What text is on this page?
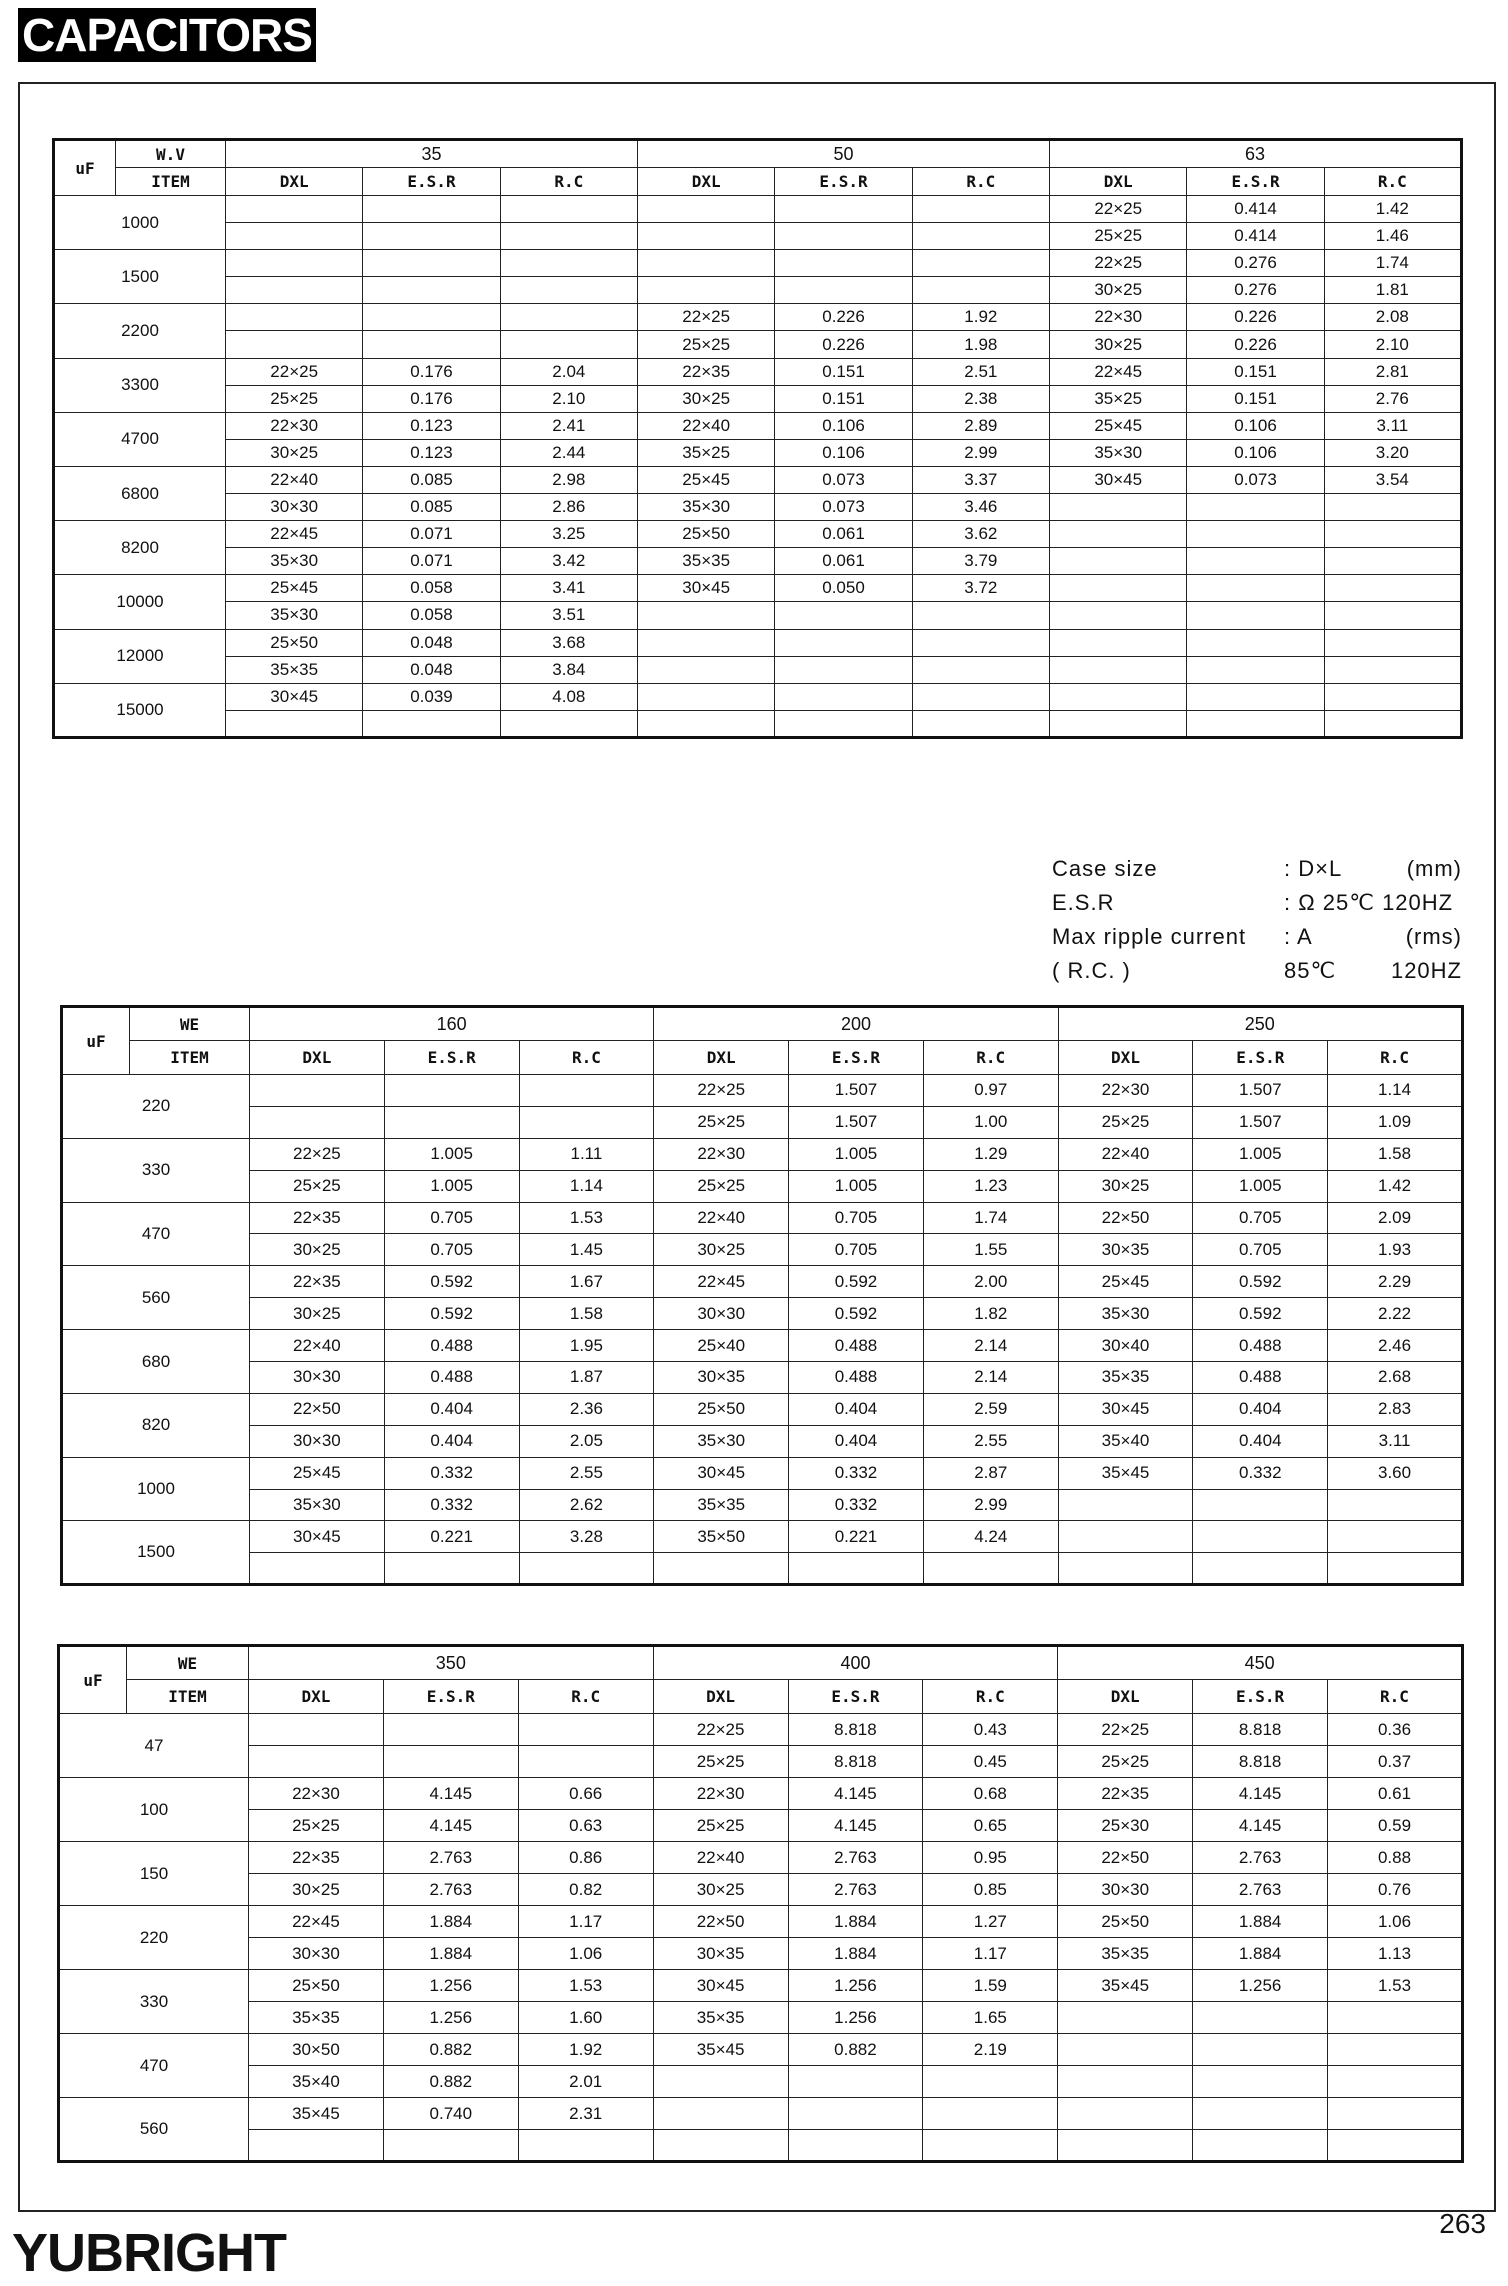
CAPACITORS
uF	W.V	35			50			63		
	ITEM	DXL	E.S.R	R.C	DXL	E.S.R	R.C	DXL	E.S.R	R.C
1000								22×25	0.414	1.42
								25×25	0.414	1.46
1500								22×25	0.276	1.74
								30×25	0.276	1.81
2200					22×25	0.226	1.92	22×30	0.226	2.08
					25×25	0.226	1.98	30×25	0.226	2.10
3300		22×25	0.176	2.04	22×35	0.151	2.51	22×45	0.151	2.81
		25×25	0.176	2.10	30×25	0.151	2.38	35×25	0.151	2.76
4700		22×30	0.123	2.41	22×40	0.106	2.89	25×45	0.106	3.11
		30×25	0.123	2.44	35×25	0.106	2.99	35×30	0.106	3.20
6800		22×40	0.085	2.98	25×45	0.073	3.37	30×45	0.073	3.54
		30×30	0.085	2.86	35×30	0.073	3.46			
8200		22×45	0.071	3.25	25×50	0.061	3.62			
		35×30	0.071	3.42	35×35	0.061	3.79			
10000		25×45	0.058	3.41	30×45	0.050	3.72			
		35×30	0.058	3.51						
12000		25×50	0.048	3.68						
		35×35	0.048	3.84						
15000		30×45	0.039	4.08						

uF	WE	160			200			250		
	ITEM	DXL	E.S.R	R.C	DXL	E.S.R	R.C	DXL	E.S.R	R.C
220					22×25	1.507	0.97	22×30	1.507	1.14
					25×25	1.507	1.00	25×25	1.507	1.09
330		22×25	1.005	1.11	22×30	1.005	1.29	22×40	1.005	1.58
		25×25	1.005	1.14	25×25	1.005	1.23	30×25	1.005	1.42
470		22×35	0.705	1.53	22×40	0.705	1.74	22×50	0.705	2.09
		30×25	0.705	1.45	30×25	0.705	1.55	30×35	0.705	1.93
560		22×35	0.592	1.67	22×45	0.592	2.00	25×45	0.592	2.29
		30×25	0.592	1.58	30×30	0.592	1.82	35×30	0.592	2.22
680		22×40	0.488	1.95	25×40	0.488	2.14	30×40	0.488	2.46
		30×30	0.488	1.87	30×35	0.488	2.14	35×35	0.488	2.68
820		22×50	0.404	2.36	25×50	0.404	2.59	30×45	0.404	2.83
		30×30	0.404	2.05	35×30	0.404	2.55	35×40	0.404	3.11
1000		25×45	0.332	2.55	30×45	0.332	2.87	35×45	0.332	3.60
		35×30	0.332	2.62	35×35	0.332	2.99			
1500		30×45	0.221	3.28	35×50	0.221	4.24			

uF	WE	350			400			450		
	ITEM	DXL	E.S.R	R.C	DXL	E.S.R	R.C	DXL	E.S.R	R.C
47					22×25	8.818	0.43	22×25	8.818	0.36
					25×25	8.818	0.45	25×25	8.818	0.37
100		22×30	4.145	0.66	22×30	4.145	0.68	22×35	4.145	0.61
		25×25	4.145	0.63	25×25	4.145	0.65	25×30	4.145	0.59
150		22×35	2.763	0.86	22×40	2.763	0.95	22×50	2.763	0.88
		30×25	2.763	0.82	30×25	2.763	0.85	30×30	2.763	0.76
220		22×45	1.884	1.17	22×50	1.884	1.27	25×50	1.884	1.06
		30×30	1.884	1.06	30×35	1.884	1.17	35×35	1.884	1.13
330		25×50	1.256	1.53	30×45	1.256	1.59	35×45	1.256	1.53
		35×35	1.256	1.60	35×35	1.256	1.65			
470		30×50	0.882	1.92	35×45	0.882	2.19			
		35×40	0.882	2.01						
560		35×45	0.740	2.31						

Case size	: D×L	(mm)
E.S.R	: Ω 25℃ 120HZ
Max ripple current	: A	(rms)
( R.C. )	85℃ 120HZ
YUBRIGHT	263
